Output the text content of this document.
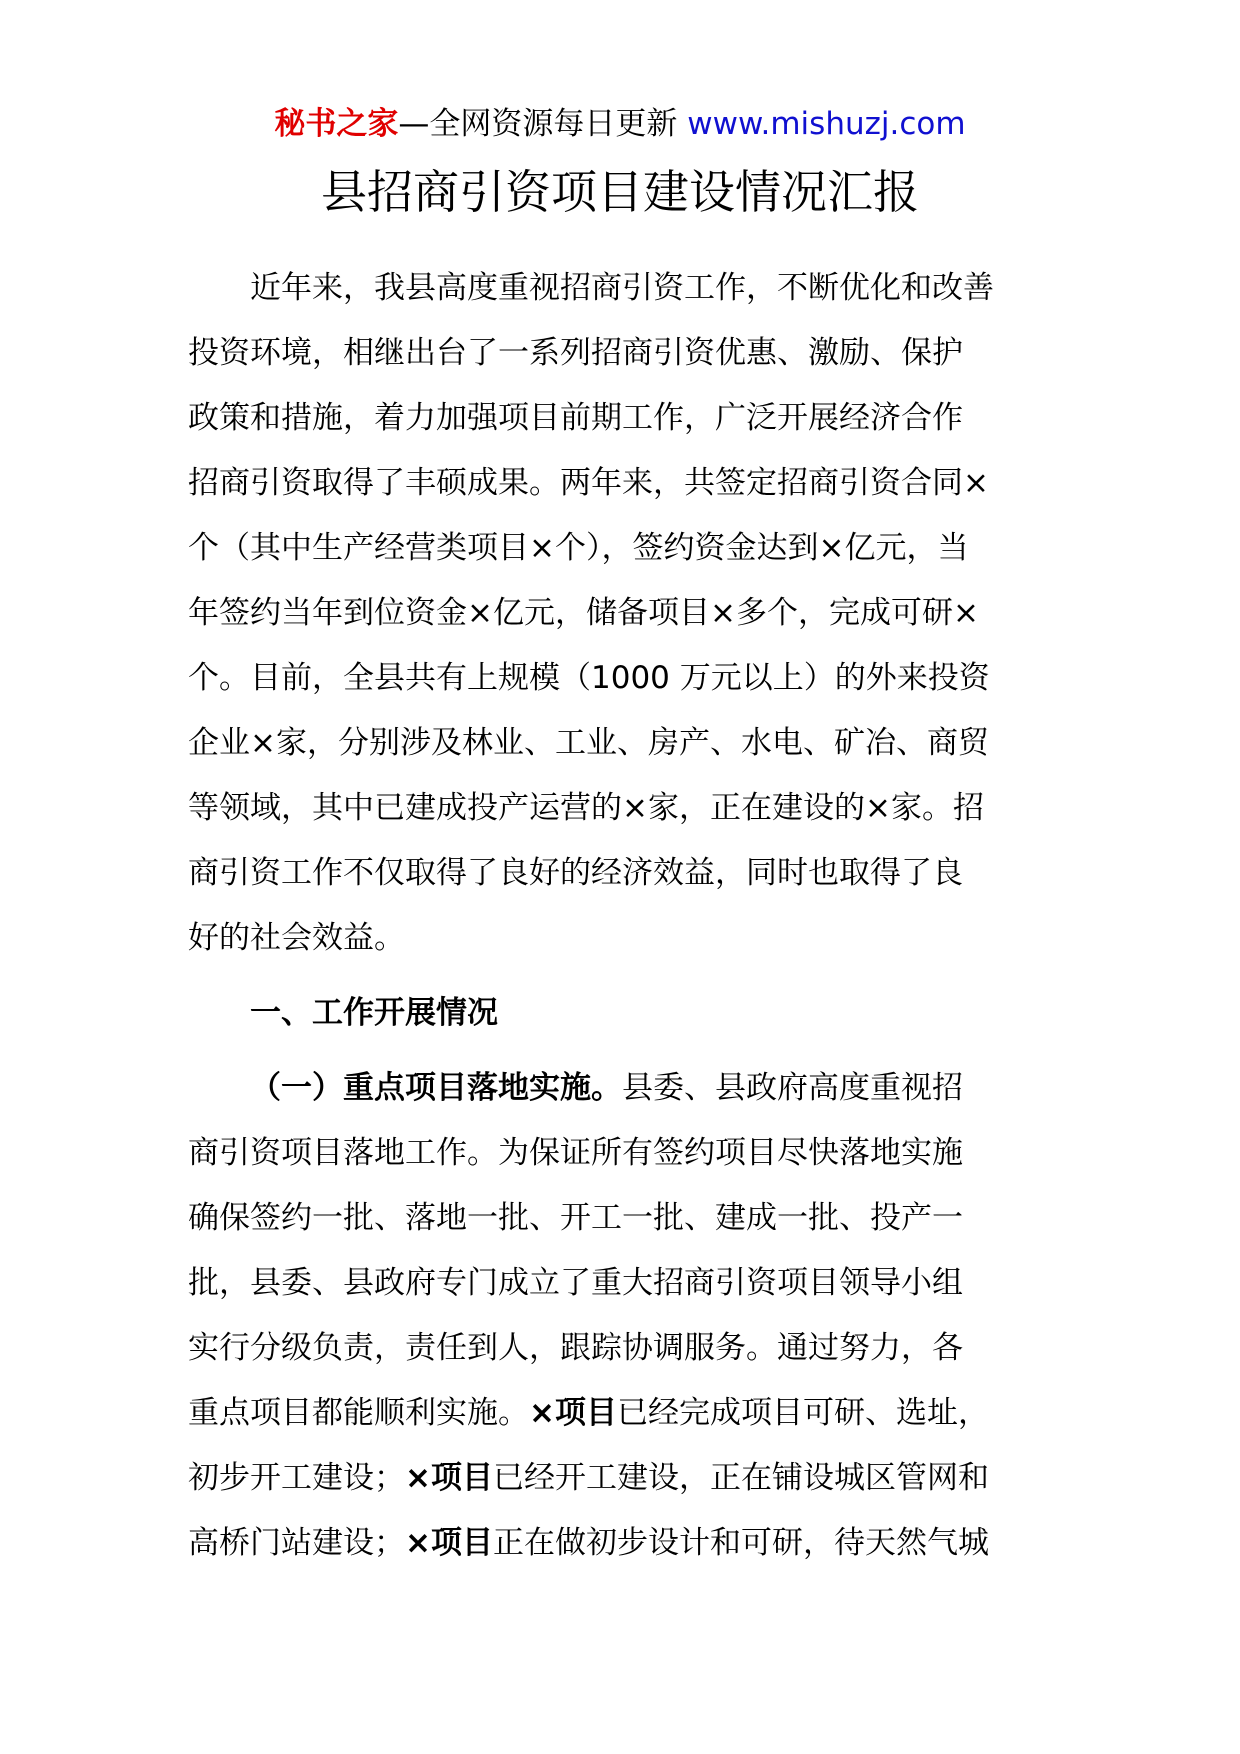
秘书之家—全网资源每日更新 www.mishuzj.com
县招商引资项目建设情况汇报
近年来，我县高度重视招商引资工作，不断优化和改善
投资环境，相继出台了一系列招商引资优惠、激励、保护
政策和措施，着力加强项目前期工作，广泛开展经济合作
招商引资取得了丰硕成果。两年来，共签定招商引资合同×
个（其中生产经营类项目×个），签约资金达到×亿元，当
年签约当年到位资金×亿元，储备项目×多个，完成可研×
个。目前，全县共有上规模（1000 万元以上）的外来投资
企业×家，分别涉及林业、工业、房产、水电、矿冶、商贸
等领域，其中已建成投产运营的×家，正在建设的×家。招
商引资工作不仅取得了良好的经济效益，同时也取得了良
好的社会效益。
一、工作开展情况
（一）重点项目落地实施。县委、县政府高度重视招
商引资项目落地工作。为保证所有签约项目尽快落地实施
确保签约一批、落地一批、开工一批、建成一批、投产一
批，县委、县政府专门成立了重大招商引资项目领导小组
实行分级负责，责任到人，跟踪协调服务。通过努力，各
重点项目都能顺利实施。×项目已经完成项目可研、选址，
初步开工建设；×项目已经开工建设，正在铺设城区管网和
高桥门站建设；×项目正在做初步设计和可研，待天然气城
